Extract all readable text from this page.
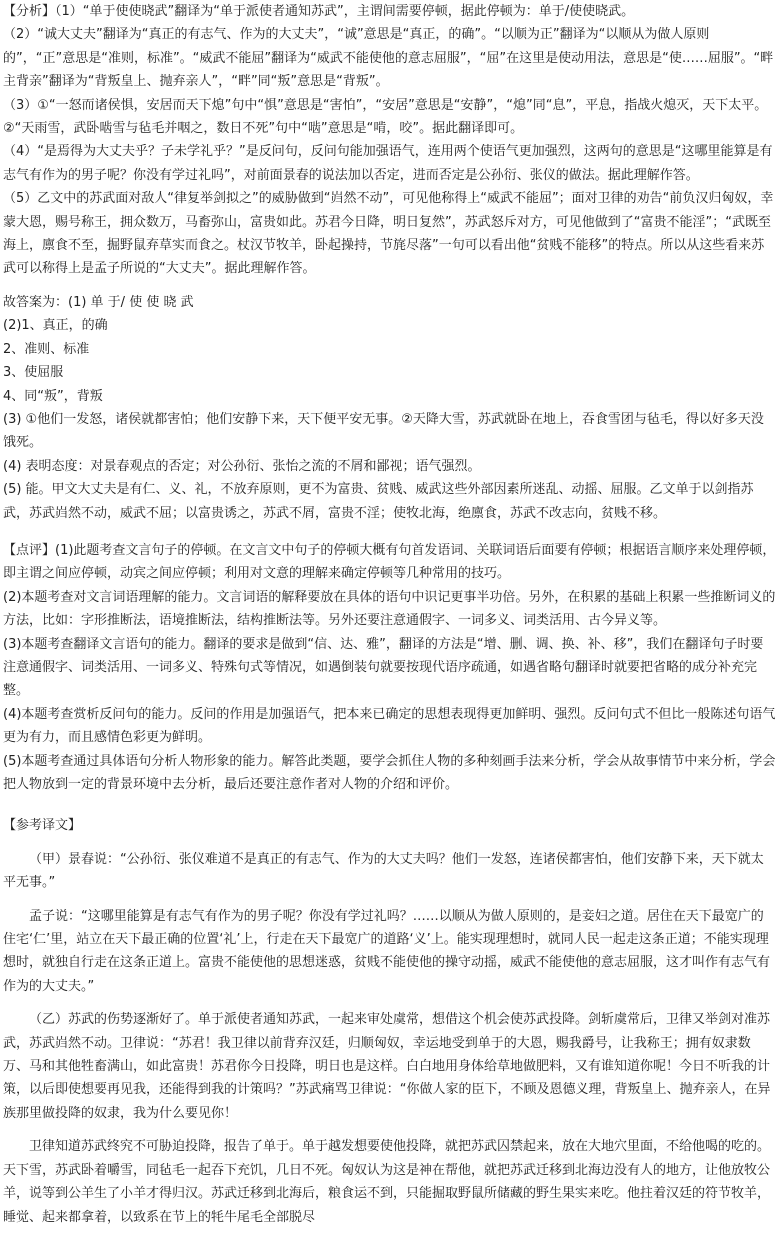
【分析】（1）“单于使使晓武”翻译为“单于派使者通知苏武”，主谓间需要停顿，据此停顿为：单于/使使晓武。

（2）“诚大丈夫”翻译为“真正的有志气、作为的大丈夫”，“诚”意思是“真正，的确”。“以顺为正”翻译为“以顺从为做人原则的”，“正”意思是“准则，标准”。“威武不能屈”翻译为“威武不能使他的意志屈服”，“屈”在这里是使动用法，意思是“使……屈服”。“畔主背亲”翻译为“背叛皇上、抛弃亲人”，“畔”同“叛”意思是“背叛”。

（3）①“一怒而诸侯惧，安居而天下熄”句中“惧”意思是“害怕”，“安居”意思是“安静”，“熄”同“息”，平息，指战火熄灭，天下太平。②“天雨雪，武卧啮雪与毡毛并咽之，数日不死”句中“啮”意思是“啃，咬”。据此翻译即可。

（4）“是焉得为大丈夫乎？子未学礼乎？”是反问句，反问句能加强语气，连用两个使语气更加强烈，这两句的意思是“这哪里能算是有志气有作为的男子呢？你没有学过礼吗”，对前面景春的说法加以否定，进而否定是公孙衍、张仪的做法。据此理解作答。

（5）乙文中的苏武面对敌人“律复举剑拟之”的威胁做到“岿然不动”，可见他称得上“威武不能屈”；面对卫律的劝告“前负汉归匈奴，幸蒙大恩，赐号称王，拥众数万，马畜弥山，富贵如此。苏君今日降，明日复然”，苏武怒斥对方，可见他做到了“富贵不能淫”；“武既至海上，廪食不至，掘野鼠弃草实而食之。杖汉节牧羊，卧起操持，节旄尽落”一句可以看出他“贫贱不能移”的特点。所以从这些看来苏武可以称得上是孟子所说的“大丈夫”。据此理解作答。

故答案为：(1) 单 于/ 使 使 晓 武

(2)1、真正，的确

2、准则、标准

3、使屈服

4、同“叛”，背叛

(3) ①他们一发怒，诸侯就都害怕；他们安静下来，天下便平安无事。②天降大雪，苏武就卧在地上，吞食雪团与毡毛，得以好多天没饿死。

(4) 表明态度：对景春观点的否定；对公孙衍、张怡之流的不屑和鄙视；语气强烈。

(5) 能。甲文大丈夫是有仁、义、礼，不放弃原则，更不为富贵、贫贱、威武这些外部因素所迷乱、动摇、屈服。乙文单于以剑指苏武，苏武岿然不动，威武不屈；以富贵诱之，苏武不屑，富贵不淫；使牧北海，绝廪食，苏武不改志向，贫贱不移。

【点评】(1)此题考查文言句子的停顿。在文言文中句子的停顿大概有句首发语词、关联词语后面要有停顿；根据语言顺序来处理停顿，即主谓之间应停顿，动宾之间应停顿；利用对文意的理解来确定停顿等几种常用的技巧。

(2)本题考查对文言词语理解的能力。文言词语的解释要放在具体的语句中识记更事半功倍。另外，在积累的基础上积累一些推断词义的方法，比如：字形推断法，语境推断法，结构推断法等。另外还要注意通假字、一词多义、词类活用、古今异义等。

(3)本题考查翻译文言语句的能力。翻译的要求是做到“信、达、雅”，翻译的方法是“增、删、调、换、补、移”，我们在翻译句子时要注意通假字、词类活用、一词多义、特殊句式等情况，如遇倒装句就要按现代语序疏通，如遇省略句翻译时就要把省略的成分补充完整。

(4)本题考查赏析反问句的能力。反问的作用是加强语气，把本来已确定的思想表现得更加鲜明、强烈。反问句式不但比一般陈述句语气更为有力，而且感情色彩更为鲜明。

(5)本题考查通过具体语句分析人物形象的能力。解答此类题，要学会抓住人物的多种刻画手法来分析，学会从故事情节中来分析，学会把人物放到一定的背景环境中去分析，最后还要注意作者对人物的介绍和评价。

【参考译文】

（甲）景春说：“公孙衍、张仪难道不是真正的有志气、作为的大丈夫吗？他们一发怒，连诸侯都害怕，他们安静下来，天下就太平无事。”

孟子说：“这哪里能算是有志气有作为的男子呢？你没有学过礼吗？……以顺从为做人原则的，是妾妇之道。居住在天下最宽广的住宅‘仁’里，站立在天下最正确的位置‘礼’上，行走在天下最宽广的道路‘义’上。能实现理想时，就同人民一起走这条正道；不能实现理想时，就独自行走在这条正道上。富贵不能使他的思想迷惑，贫贱不能使他的操守动摇，威武不能使他的意志屈服，这才叫作有志气有作为的大丈夫。”

（乙）苏武的伤势逐渐好了。单于派使者通知苏武，一起来审处虞常，想借这个机会使苏武投降。剑斩虞常后，卫律又举剑对准苏武，苏武岿然不动。卫律说：“苏君！我卫律以前背弃汉廷，归顺匈奴，幸运地受到单于的大恩，赐我爵号，让我称王；拥有奴隶数万、马和其他牲畜满山，如此富贵！苏君你今日投降，明日也是这样。白白地用身体给草地做肥料，又有谁知道你呢！今日不听我的计策，以后即使想要再见我，还能得到我的计策吗？”苏武痛骂卫律说：“你做人家的臣下，不顾及恩德义理，背叛皇上、抛弃亲人，在异族那里做投降的奴隶，我为什么要见你！

卫律知道苏武终究不可胁迫投降，报告了单于。单于越发想要使他投降，就把苏武囚禁起来，放在大地穴里面，不给他喝的吃的。天下雪，苏武卧着嚼雪，同毡毛一起吞下充饥，几日不死。匈奴认为这是神在帮他，就把苏武迁移到北海边没有人的地方，让他放牧公羊，说等到公羊生了小羊才得归汉。苏武迁移到北海后，粮食运不到，只能掘取野鼠所储藏的野生果实来吃。他拄着汉廷的符节牧羊，睡觉、起来都拿着，以致系在节上的牦牛尾毛全部脱尽
